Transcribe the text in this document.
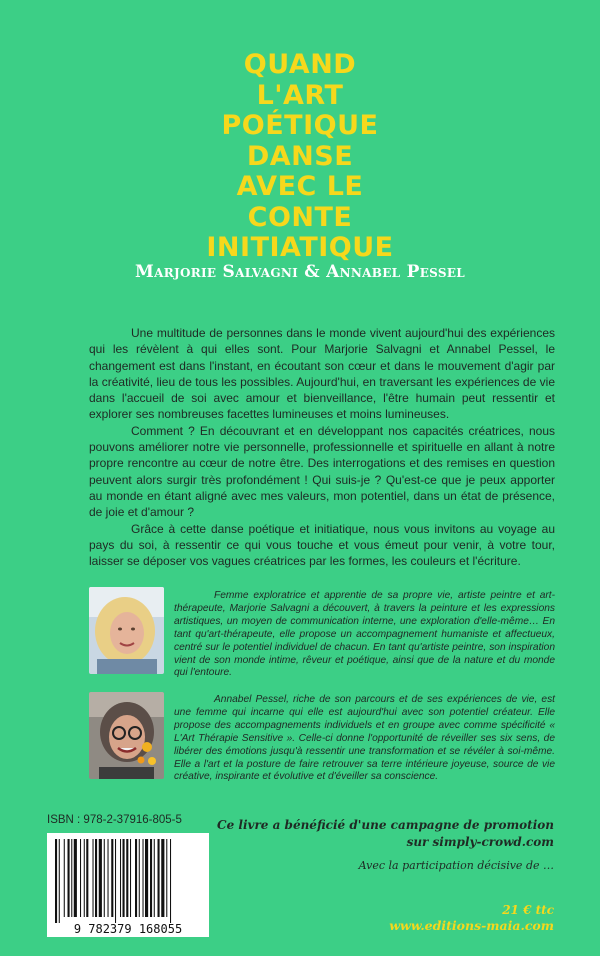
QUAND
L'ART
POÉTIQUE
DANSE
AVEC LE
CONTE
INITIATIQUE
Marjorie Salvagni & Annabel Pessel

Une multitude de personnes dans le monde vivent aujourd'hui des expériences qui les révèlent à qui elles sont. Pour Marjorie Salvagni et Annabel Pessel, le changement est dans l'instant, en écoutant son cœur et dans le mouvement d'agir par la créativité, lieu de tous les possibles. Aujourd'hui, en traversant les expériences de vie dans l'accueil de soi avec amour et bienveillance, l'être humain peut ressentir et explorer ses nombreuses facettes lumineuses et moins lumineuses.

Comment ? En découvrant et en développant nos capacités créatrices, nous pouvons améliorer notre vie personnelle, professionnelle et spirituelle en allant à notre propre rencontre au cœur de notre être. Des interrogations et des remises en question peuvent alors surgir très profondément ! Qui suis-je ? Qu'est-ce que je peux apporter au monde en étant aligné avec mes valeurs, mon potentiel, dans un état de présence, de joie et d'amour ?

Grâce à cette danse poétique et initiatique, nous vous invitons au voyage au pays du soi, à ressentir ce qui vous touche et vous émeut pour venir, à votre tour, laisser se déposer vos vagues créatrices par les formes, les couleurs et l'écriture.

Femme exploratrice et apprentie de sa propre vie, artiste peintre et art-thérapeute, Marjorie Salvagni a découvert, à travers la peinture et les expressions artistiques, un moyen de communication interne, une exploration d'elle-même… En tant qu'art-thérapeute, elle propose un accompagnement humaniste et affectueux, centré sur le potentiel individuel de chacun. En tant qu'artiste peintre, son inspiration vient de son monde intime, rêveur et poétique, ainsi que de la nature et du monde qui l'entoure.

Annabel Pessel, riche de son parcours et de ses expériences de vie, est une femme qui incarne qui elle est aujourd'hui avec son potentiel créateur. Elle propose des accompagnements individuels et en groupe avec comme spécificité « L'Art Thérapie Sensitive ». Celle-ci donne l'opportunité de réveiller ses six sens, de libérer des émotions jusqu'à ressentir une transformation et se révéler à soi-même. Elle a l'art et la posture de faire retrouver sa terre intérieure joyeuse, source de vie créative, inspirante et évolutive et d'éveiller sa conscience.

ISBN : 978-2-37916-805-5
9 782379 168055
Ce livre a bénéficié d'une campagne de promotion
sur simply-crowd.com
Avec la participation décisive de …
21 € ttc
www.editions-maia.com
